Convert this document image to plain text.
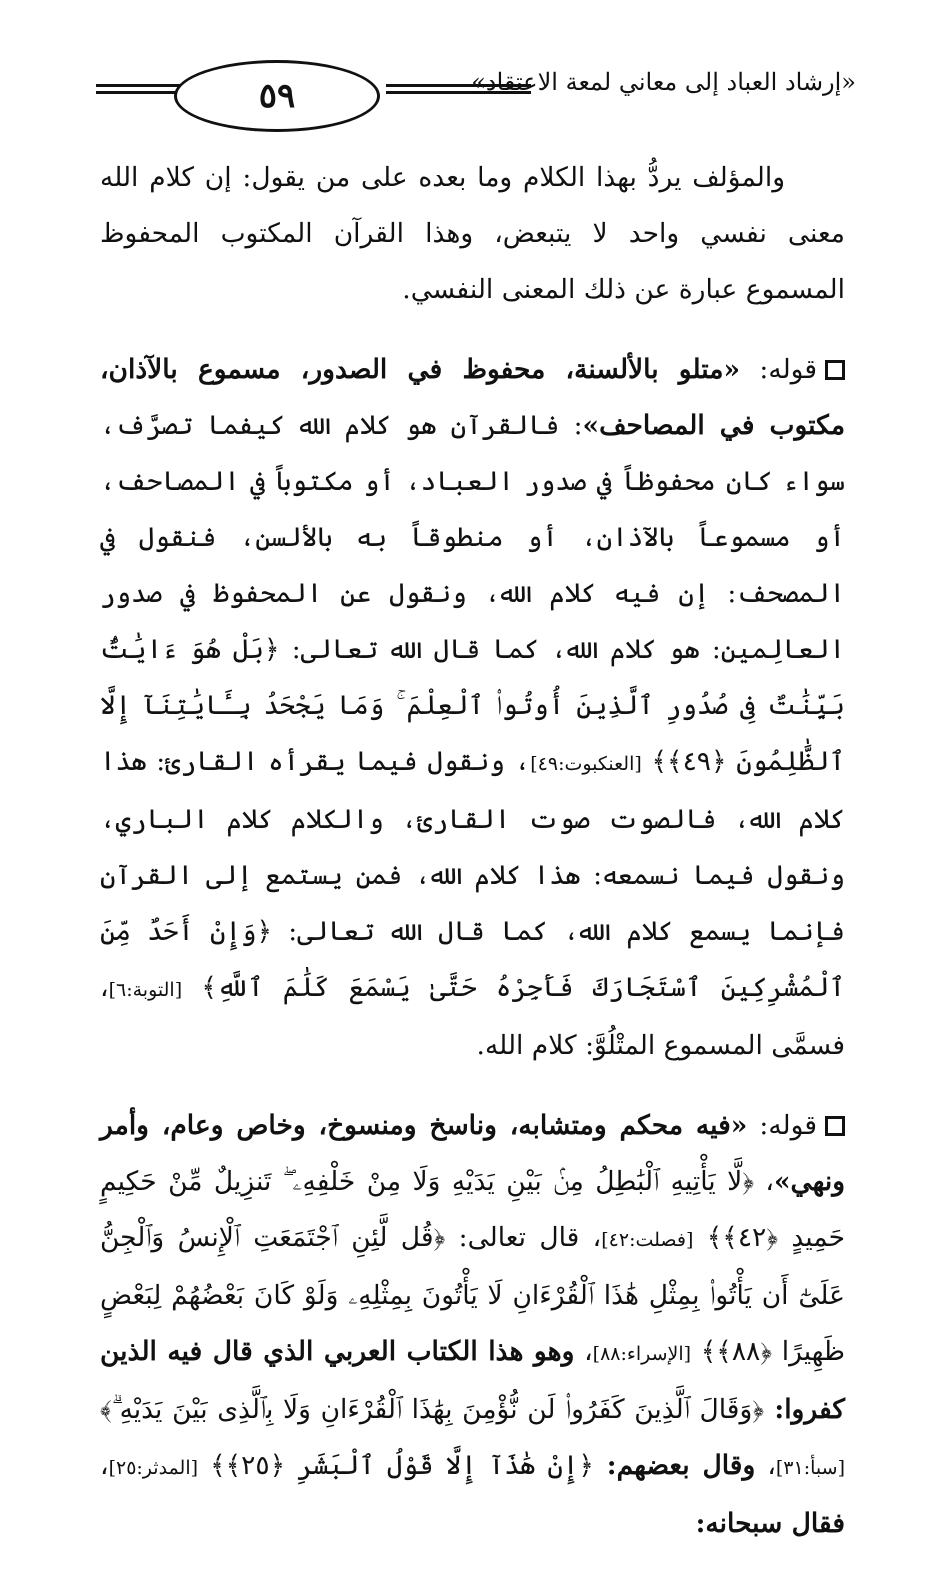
٥٩	«إرشاد العباد إلى معاني لمعة الاعتقاد»

والمؤلف يردُّ بهذا الكلام وما بعده على من يقول: إن كلام الله معنى نفسي واحد لا يتبعض، وهذا القرآن المكتوب المحفوظ المسموع عبارة عن ذلك المعنى النفسي.

قوله: «متلو بالألسنة، محفوظ في الصدور، مسموع بالآذان، مكتوب في المصاحف»: فالقرآن هو كلام الله كيفما تصرَّف، سواء كان محفوظاً في صدور العباد، أو مكتوباً في المصاحف، أو مسموعاً بالآذان، أو منطوقاً به بالألسن، فنقول في المصحف: إن فيه كلام الله، ونقول عن المحفوظ في صدور العالِمين: هو كلام الله، كما قال الله تعالى: ﴿بَلْ هُوَ ءَايَٰتٌۢ بَيِّنَٰتٌ فِى صُدُورِ ٱلَّذِينَ أُوتُوا۟ ٱلْعِلْمَ ۚ وَمَا يَجْحَدُ بِـَٔايَٰتِنَآ إِلَّا ٱلظَّٰلِمُونَ ﴿٤٩﴾﴾ [العنكبوت:٤٩]، ونقول فيما يقرأه القارئ: هذا كلام الله، فالصوت صوت القارئ، والكلام كلام الباري، ونقول فيما نسمعه: هذا كلام الله، فمن يستمع إلى القرآن فإنما يسمع كلام الله، كما قال الله تعالى: ﴿وَإِنْ أَحَدٌ مِّنَ ٱلْمُشْرِكِينَ ٱسْتَجَارَكَ فَأَجِرْهُ حَتَّىٰ يَسْمَعَ كَلَٰمَ ٱللَّهِ﴾ [التوبة:٦]، فسمَّى المسموع المتْلُوَّ: كلام الله.

قوله: «فيه محكم ومتشابه، وناسخ ومنسوخ، وخاص وعام، وأمر ونهي»، ﴿لَّا يَأْتِيهِ ٱلْبَٰطِلُ مِنۢ بَيْنِ يَدَيْهِ وَلَا مِنْ خَلْفِهِۦ ۖ تَنزِيلٌ مِّنْ حَكِيمٍ حَمِيدٍ ﴿٤٢﴾﴾ [فصلت:٤٢]، قال تعالى: ﴿قُل لَّئِنِ ٱجْتَمَعَتِ ٱلْإِنسُ وَٱلْجِنُّ عَلَىٰٓ أَن يَأْتُوا۟ بِمِثْلِ هَٰذَا ٱلْقُرْءَانِ لَا يَأْتُونَ بِمِثْلِهِۦ وَلَوْ كَانَ بَعْضُهُمْ لِبَعْضٍ ظَهِيرًا ﴿٨٨﴾﴾ [الإسراء:٨٨]، وهو هذا الكتاب العربي الذي قال فيه الذين كفروا: ﴿وَقَالَ ٱلَّذِينَ كَفَرُوا۟ لَن نُّؤْمِنَ بِهَٰذَا ٱلْقُرْءَانِ وَلَا بِٱلَّذِى بَيْنَ يَدَيْهِ ۗ﴾ [سبأ:٣١]، وقال بعضهم: ﴿إِنْ هَٰذَآ إِلَّا قَوْلُ ٱلْبَشَرِ ﴿٢٥﴾﴾ [المدثر:٢٥]، فقال سبحانه:
